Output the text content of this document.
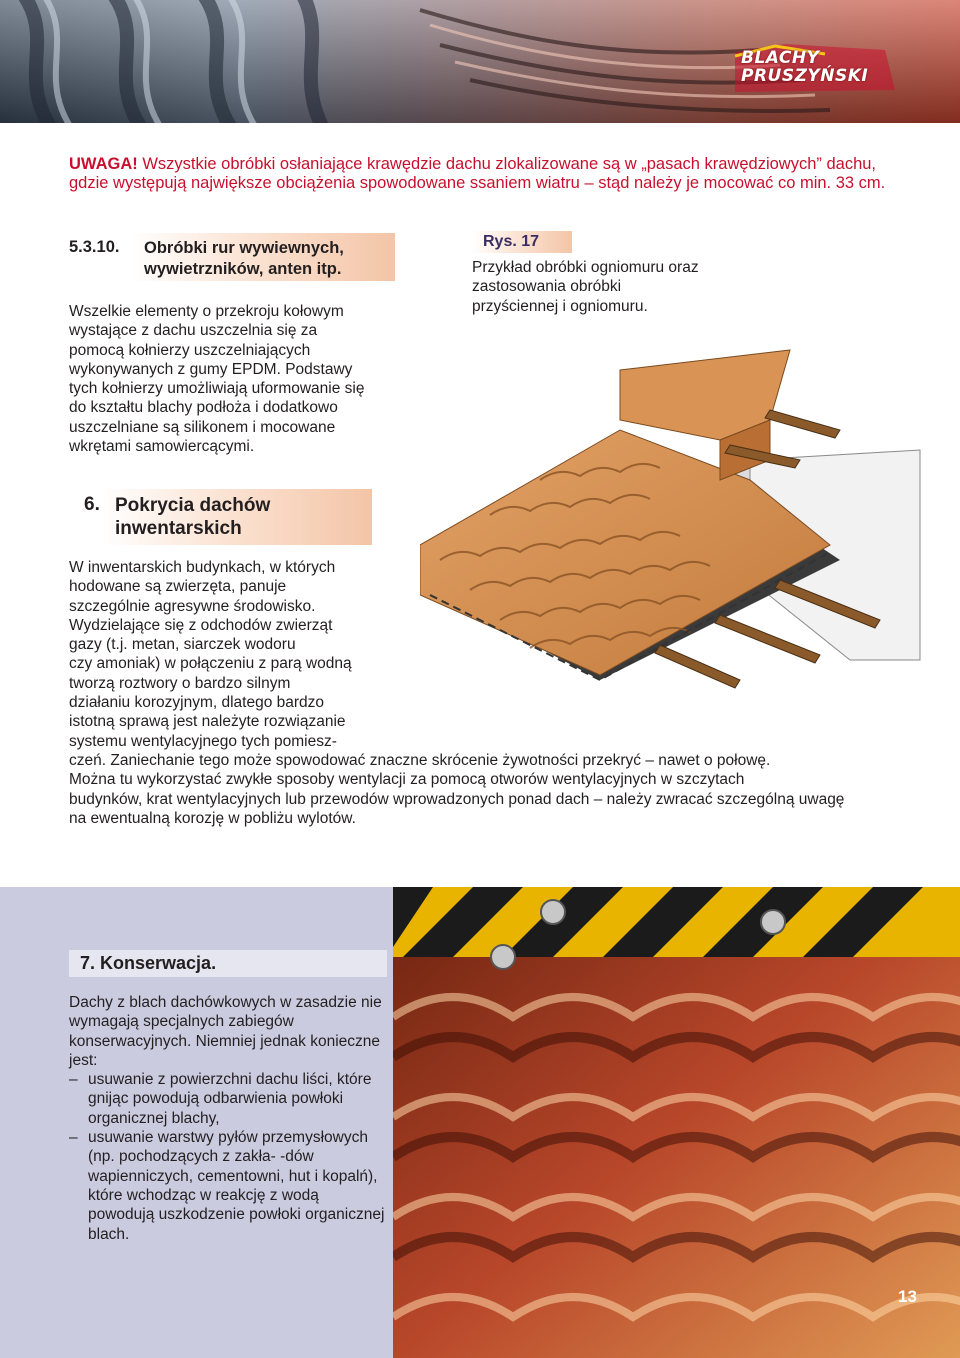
BLACHY
PRUSZYŃSKI
UWAGA! Wszystkie obróbki osłaniające krawędzie dachu zlokalizowane są w „pasach krawędziowych” dachu, gdzie występują największe obciążenia spowodowane ssaniem wiatru – stąd należy je mocować co min. 33 cm.
5.3.10. Obróbki rur wywiewnych,
wywietrzników, anten itp.
Wszelkie elementy o przekroju kołowym wystające z dachu uszczelnia się za pomocą kołnierzy uszczelniających wykonywanych z gumy EPDM. Podstawy tych kołnierzy umożliwiają uformowanie się do kształtu blachy podłoża i dodatkowo uszczelniane są silikonem i mocowane wkrętami samowiercącymi.
Rys. 17
Przykład obróbki ogniomuru oraz zastosowania obróbki przyściennej i ogniomuru.
6. Pokrycia dachów
inwentarskich
W inwentarskich budynkach, w których
hodowane są zwierzęta, panuje
szczególnie agresywne środowisko.
Wydzielające się z odchodów zwierząt
gazy (t.j. metan, siarczek wodoru
czy amoniak) w połączeniu z parą wodną
tworzą roztwory o bardzo silnym
działaniu korozyjnym, dlatego bardzo
istotną sprawą jest należyte rozwiązanie
systemu wentylacyjnego tych pomiesz-
czeń. Zaniechanie tego może spowodować znaczne skrócenie żywotności przekryć – nawet o połowę.
Można tu wykorzystać zwykłe sposoby wentylacji za pomocą otworów wentylacyjnych w szczytach
budynków, krat wentylacyjnych lub przewodów wprowadzonych ponad dach – należy zwracać szczególną uwagę
na ewentualną korozję w pobliżu wylotów.
7. Konserwacja.
Dachy z blach dachówkowych w zasadzie nie wymagają specjalnych zabiegów konserwacyjnych. Niemniej jednak konieczne jest:
– usuwanie z powierzchni dachu liści, które gnijąc powodują odbarwienia powłoki organicznej blachy,
– usuwanie warstwy pyłów przemysłowych (np. pochodzących z zakła- -dów wapienniczych, cementowni, hut i kopalń), które wchodząc w reakcję z wodą powodują uszkodzenie powłoki organicznej blach.
13
